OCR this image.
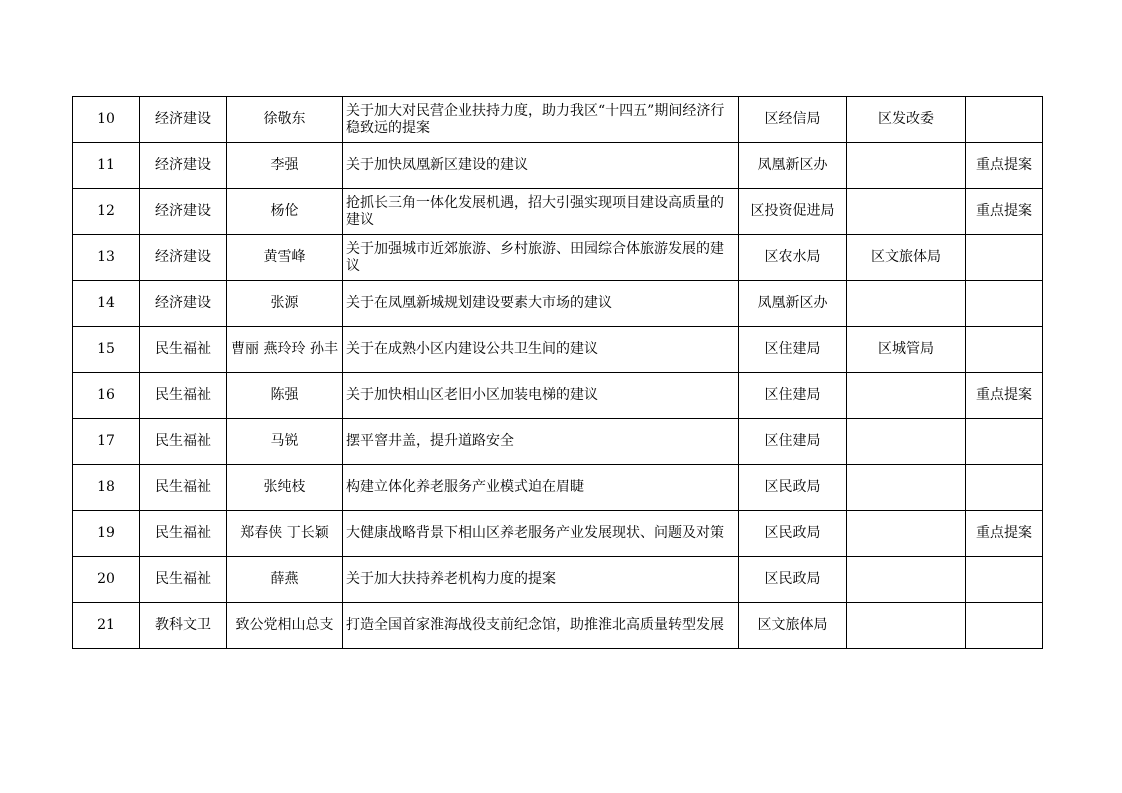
10	经济建设	徐敬东	关于加大对民营企业扶持力度，助力我区“十四五”期间经济行稳致远的提案	区经信局	区发改委	
11	经济建设	李强	关于加快凤凰新区建设的建议	凤凰新区办		重点提案
12	经济建设	杨伦	抢抓长三角一体化发展机遇，招大引强实现项目建设高质量的建议	区投资促进局		重点提案
13	经济建设	黄雪峰	关于加强城市近郊旅游、乡村旅游、田园综合体旅游发展的建议	区农水局	区文旅体局	
14	经济建设	张源	关于在凤凰新城规划建设要素大市场的建议	凤凰新区办		
15	民生福祉	曹丽 燕玲玲 孙丰	关于在成熟小区内建设公共卫生间的建议	区住建局	区城管局	
16	民生福祉	陈强	关于加快相山区老旧小区加装电梯的建议	区住建局		重点提案
17	民生福祉	马锐	摆平窨井盖，提升道路安全	区住建局		
18	民生福祉	张纯枝	构建立体化养老服务产业模式迫在眉睫	区民政局		
19	民生福祉	郑春侠 丁长颖	大健康战略背景下相山区养老服务产业发展现状、问题及对策	区民政局		重点提案
20	民生福祉	薛燕	关于加大扶持养老机构力度的提案	区民政局		
21	教科文卫	致公党相山总支	打造全国首家淮海战役支前纪念馆，助推淮北高质量转型发展	区文旅体局		
